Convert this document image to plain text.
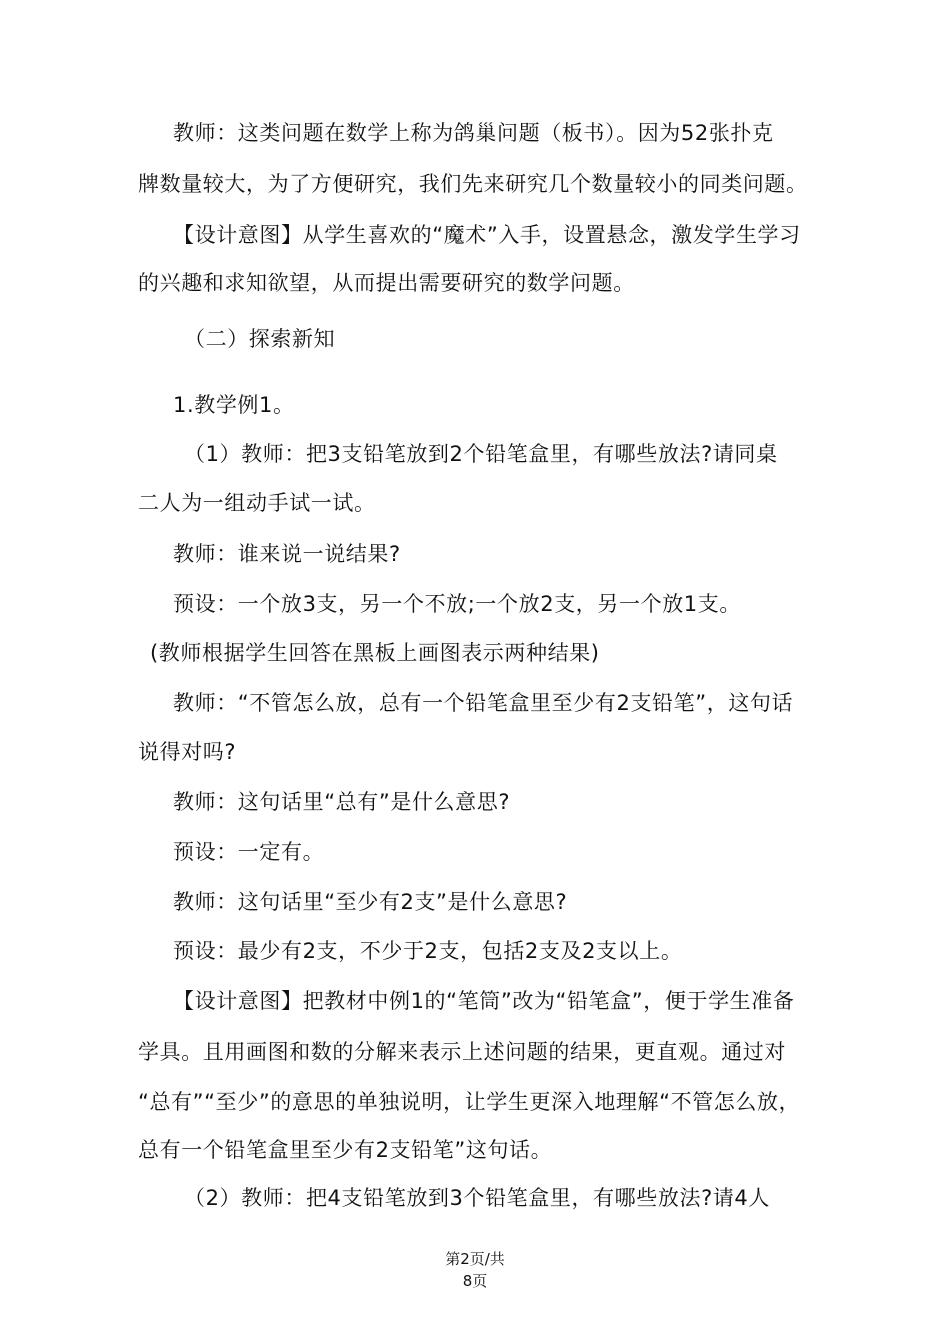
教师：这类问题在数学上称为鸽巢问题（板书）。因为52张扑克
牌数量较大，为了方便研究，我们先来研究几个数量较小的同类问题。
【设计意图】从学生喜欢的“魔术”入手，设置悬念，激发学生学习
的兴趣和求知欲望，从而提出需要研究的数学问题。
（二）探索新知
1.教学例1。
（1）教师：把3支铅笔放到2个铅笔盒里，有哪些放法?请同桌
二人为一组动手试一试。
教师：谁来说一说结果?
预设：一个放3支，另一个不放;一个放2支，另一个放1支。
(教师根据学生回答在黑板上画图表示两种结果)
教师：“不管怎么放，总有一个铅笔盒里至少有2支铅笔”，这句话
说得对吗?
教师：这句话里“总有”是什么意思?
预设：一定有。
教师：这句话里“至少有2支”是什么意思?
预设：最少有2支，不少于2支，包括2支及2支以上。
【设计意图】把教材中例1的“笔筒”改为“铅笔盒”，便于学生准备
学具。且用画图和数的分解来表示上述问题的结果，更直观。通过对
“总有”“至少”的意思的单独说明，让学生更深入地理解“不管怎么放，
总有一个铅笔盒里至少有2支铅笔”这句话。
（2）教师：把4支铅笔放到3个铅笔盒里，有哪些放法?请4人
第2页/共
8页
